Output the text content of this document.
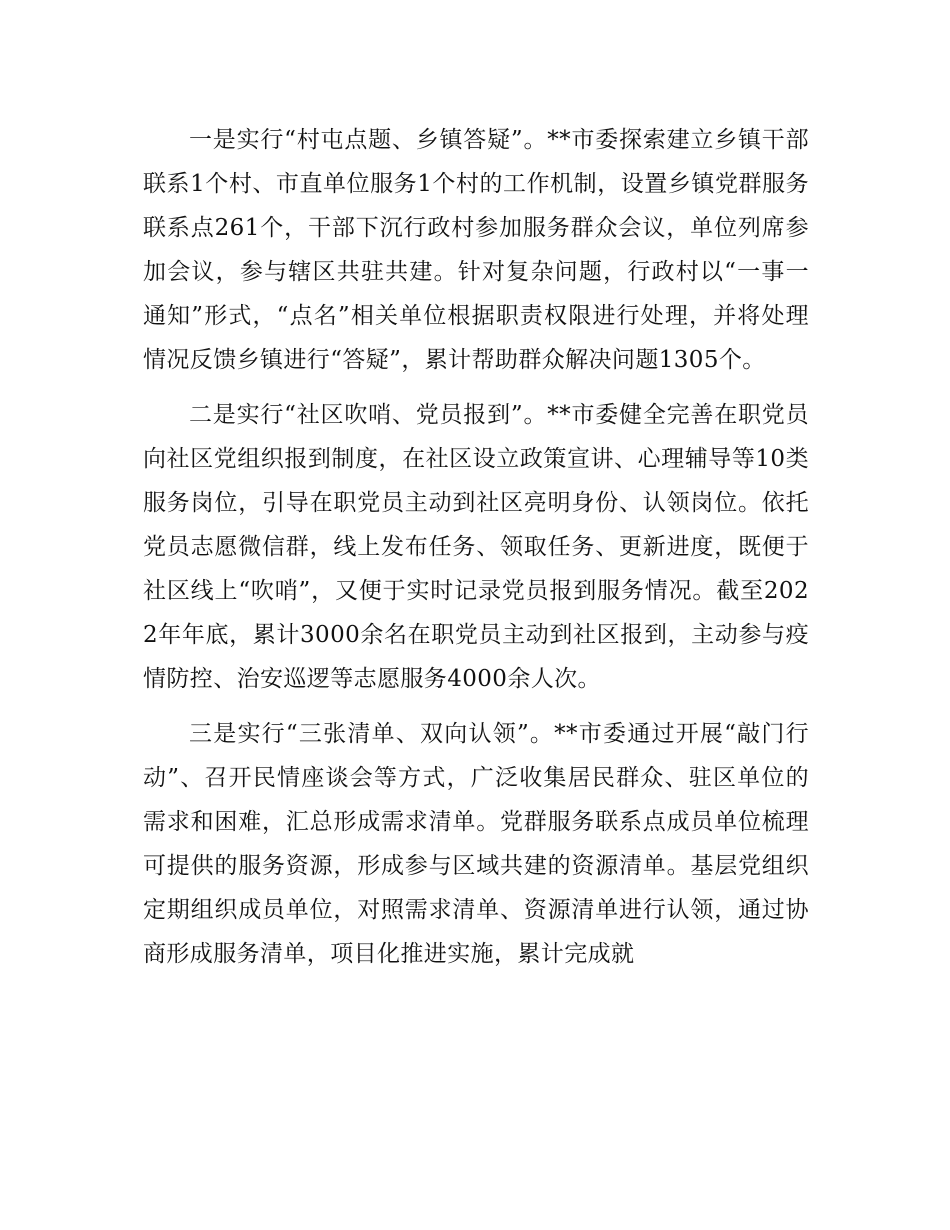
一是实行“村屯点题、乡镇答疑”。**市委探索建立乡镇干部联系1个村、市直单位服务1个村的工作机制，设置乡镇党群服务联系点261个，干部下沉行政村参加服务群众会议，单位列席参加会议，参与辖区共驻共建。针对复杂问题，行政村以“一事一通知”形式，“点名”相关单位根据职责权限进行处理，并将处理情况反馈乡镇进行“答疑”，累计帮助群众解决问题1305个。

二是实行“社区吹哨、党员报到”。**市委健全完善在职党员向社区党组织报到制度，在社区设立政策宣讲、心理辅导等10类服务岗位，引导在职党员主动到社区亮明身份、认领岗位。依托党员志愿微信群，线上发布任务、领取任务、更新进度，既便于社区线上“吹哨”，又便于实时记录党员报到服务情况。截至2022年年底，累计3000余名在职党员主动到社区报到，主动参与疫情防控、治安巡逻等志愿服务4000余人次。

三是实行“三张清单、双向认领”。**市委通过开展“敲门行动”、召开民情座谈会等方式，广泛收集居民群众、驻区单位的需求和困难，汇总形成需求清单。党群服务联系点成员单位梳理可提供的服务资源，形成参与区域共建的资源清单。基层党组织定期组织成员单位，对照需求清单、资源清单进行认领，通过协商形成服务清单，项目化推进实施，累计完成就
